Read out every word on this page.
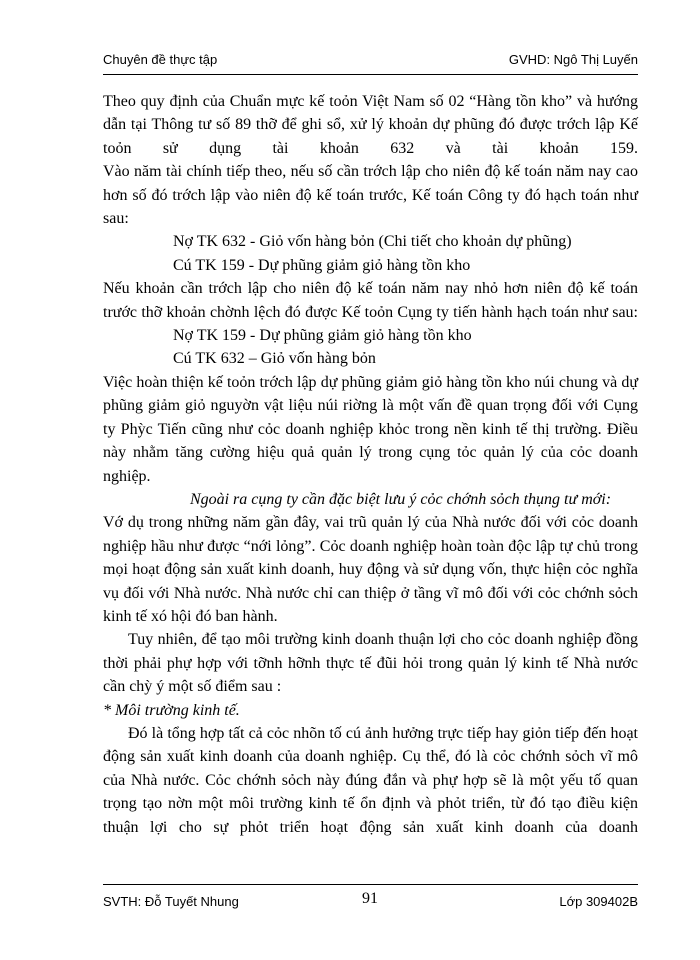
Chuyên đề thực tập	GVHD: Ngô Thị Luyến

Theo quy định của Chuẩn mực kế toỏn Việt Nam số 02 “Hàng tồn kho” và hướng dẫn tại Thông tư số 89 thỡ để ghi sổ, xử lý khoản dự phũng đó được trớch lập Kế toỏn sử dụng tài khoản 632 và tài khoản 159.

Vào năm tài chính tiếp theo, nếu số cần trớch lập cho niên độ kế toán năm nay cao hơn số đó trớch lập vào niên độ kế toán trước, Kế toán Công ty đó hạch toán như sau:

Nợ TK 632 - Giỏ vốn hàng bỏn (Chi tiết cho khoản dự phũng)

Cú TK 159 - Dự phũng giảm giỏ hàng tồn kho

Nếu khoản cần trớch lập cho niên độ kế toán năm nay nhỏ hơn niên độ kế toán trước thỡ khoản chờnh lệch đó được Kế toỏn Cụng ty tiến hành hạch toán như sau:

Nợ TK 159 - Dự phũng giảm giỏ hàng tồn kho

Cú TK 632 – Giỏ vốn hàng bỏn

Việc hoàn thiện kế toỏn trớch lập dự phũng giảm giỏ hàng tồn kho núi chung và dự phũng giảm giỏ nguyờn vật liệu núi riờng là một vấn đề quan trọng đối với Cụng ty Phỳc Tiến cũng như cỏc doanh nghiệp khỏc trong nền kinh tế thị trường. Điều này nhằm tăng cường hiệu quả quản lý trong cụng tỏc quản lý của cỏc doanh nghiệp.

Ngoài ra cụng ty cần đặc biệt lưu ý cỏc chớnh sỏch thụng tư mới:

Vớ dụ trong những năm gần đây, vai trũ quản lý của Nhà nước đối với cỏc doanh nghiệp hầu như được “nới lỏng”. Cỏc doanh nghiệp hoàn toàn độc lập tự chủ trong mọi hoạt động sản xuất kinh doanh, huy động và sử dụng vốn, thực hiện cỏc nghĩa vụ đối với Nhà nước. Nhà nước chỉ can thiệp ở tầng vĩ mô đối với cỏc chớnh sỏch kinh tế xó hội đó ban hành.

Tuy nhiên, để tạo môi trường kinh doanh thuận lợi cho cỏc doanh nghiệp đồng thời phải phự hợp với tỡnh hỡnh thực tế đũi hỏi trong quản lý kinh tế Nhà nước cần chỳ ý một số điểm sau :

* Môi trường kinh tế.

Đó là tổng hợp tất cả cỏc nhõn tố cú ảnh hưởng trực tiếp hay giỏn tiếp đến hoạt động sản xuất kinh doanh của doanh nghiệp. Cụ thể, đó là cỏc chớnh sỏch vĩ mô của Nhà nước. Cỏc chớnh sỏch này đúng đắn và phự hợp sẽ là một yếu tố quan trọng tạo nờn một môi trường kinh tế ổn định và phỏt triển, từ đó tạo điều kiện thuận lợi cho sự phỏt triển hoạt động sản xuất kinh doanh của doanh

SVTH: Đỗ Tuyết Nhung	91	Lớp 309402B
